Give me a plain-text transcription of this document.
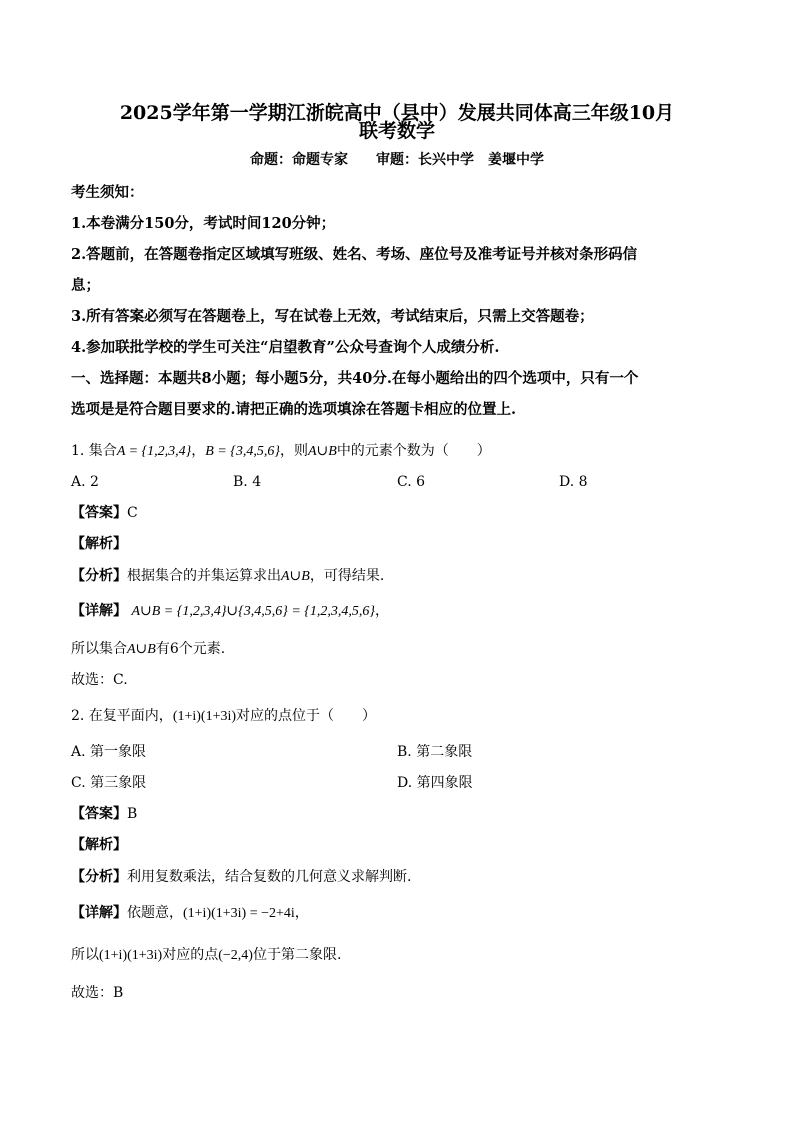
2025学年第一学期江浙皖高中（县中）发展共同体高三年级10月
联考数学
命题：命题专家　　审题：长兴中学　姜堰中学
考生须知：
1.本卷满分150分，考试时间120分钟；
2.答题前，在答题卷指定区域填写班级、姓名、考场、座位号及准考证号并核对条形码信
息；
3.所有答案必须写在答题卷上，写在试卷上无效，考试结束后，只需上交答题卷；
4.参加联批学校的学生可关注“启望教育”公众号查询个人成绩分析.
一、选择题：本题共8小题；每小题5分，共40分.在每小题给出的四个选项中，只有一个
选项是是符合题目要求的.请把正确的选项填涂在答题卡相应的位置上.
1. 集合A = {1,2,3,4}，B = {3,4,5,6}，则A∪B中的元素个数为（　　）
A. 2	B. 4	C. 6	D. 8
【答案】C
【解析】
【分析】根据集合的并集运算求出A∪B，可得结果.
【详解】 A∪B = {1,2,3,4}∪{3,4,5,6} = {1,2,3,4,5,6}，
所以集合A∪B有6个元素.
故选：C.
2. 在复平面内，(1+i)(1+3i)对应的点位于（　　）
A. 第一象限	B. 第二象限
C. 第三象限	D. 第四象限
【答案】B
【解析】
【分析】利用复数乘法，结合复数的几何意义求解判断.
【详解】依题意，(1+i)(1+3i) = −2+4i，
所以(1+i)(1+3i)对应的点(−2,4)位于第二象限.
故选：B
